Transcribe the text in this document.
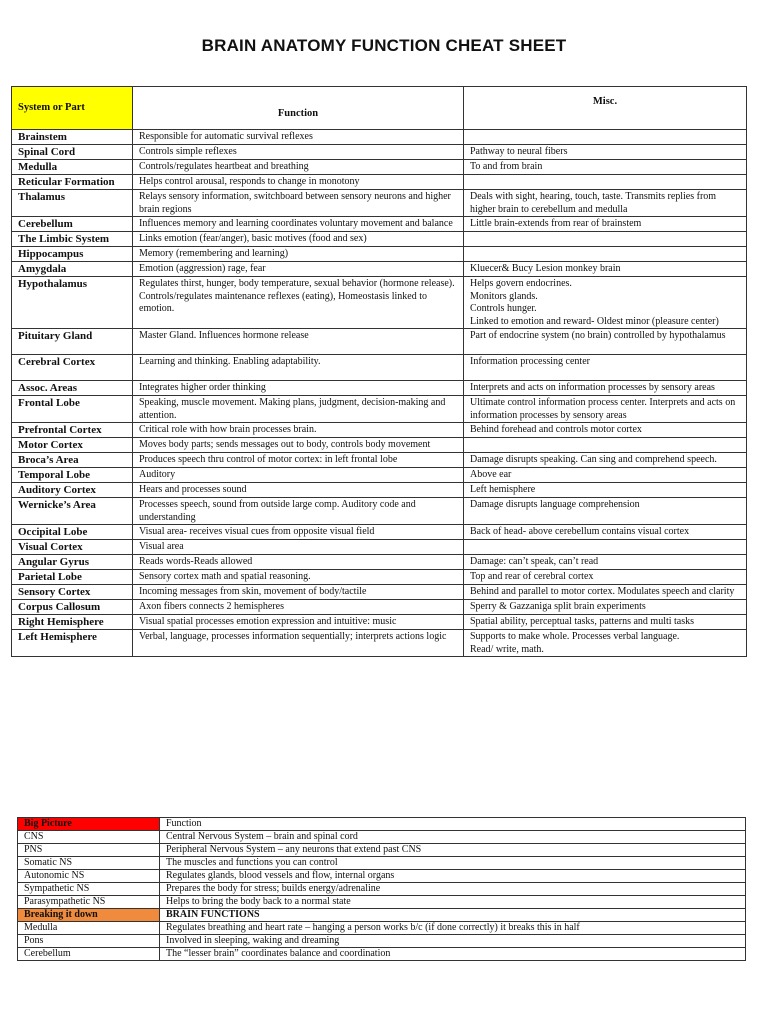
BRAIN ANATOMY FUNCTION CHEAT SHEET
System or Part	Function	Misc.
Brainstem	Responsible for automatic survival reflexes	
Spinal Cord	Controls simple reflexes	Pathway to neural fibers
Medulla	Controls/regulates heartbeat and breathing	To and from brain
Reticular Formation	Helps control arousal, responds to change in monotony	
Thalamus	Relays sensory information, switchboard between sensory neurons and higher brain regions	Deals with sight, hearing, touch, taste. Transmits replies from higher brain to cerebellum and medulla
Cerebellum	Influences memory and learning coordinates voluntary movement and balance	Little brain-extends from rear of brainstem
The Limbic System	Links emotion (fear/anger), basic motives (food and sex)	
Hippocampus	Memory (remembering and learning)	
Amygdala	Emotion (aggression) rage, fear	Kluecer& Bucy Lesion monkey brain
Hypothalamus	Regulates thirst, hunger, body temperature, sexual behavior (hormone release). Controls/regulates maintenance reflexes (eating), Homeostasis linked to emotion.	Helps govern endocrines.
Monitors glands.
Controls hunger.
Linked to emotion and reward- Oldest minor (pleasure center)
Pituitary Gland	Master Gland. Influences hormone release	Part of endocrine system (no brain) controlled by hypothalamus
Cerebral Cortex	Learning and thinking. Enabling adaptability.	Information processing center
Assoc. Areas	Integrates higher order thinking	Interprets and acts on information processes by sensory areas
Frontal Lobe	Speaking, muscle movement. Making plans, judgment, decision-making and attention.	Ultimate control information process center. Interprets and acts on information processes by sensory areas
Prefrontal Cortex	Critical role with how brain processes brain.	Behind forehead and controls motor cortex
Motor Cortex	Moves body parts; sends messages out to body, controls body movement	
Broca’s Area	Produces speech thru control of motor cortex: in left frontal lobe	Damage disrupts speaking. Can sing and comprehend speech.
Temporal Lobe	Auditory	Above ear
Auditory Cortex	Hears and processes sound	Left hemisphere
Wernicke’s Area	Processes speech, sound from outside large comp. Auditory code and understanding	Damage disrupts language comprehension
Occipital Lobe	Visual area- receives visual cues from opposite visual field	Back of head- above cerebellum contains visual cortex
Visual Cortex	Visual area	
Angular Gyrus	Reads words-Reads allowed	Damage: can’t speak, can’t read
Parietal Lobe	Sensory cortex math and spatial reasoning.	Top and rear of cerebral cortex
Sensory Cortex	Incoming messages from skin, movement of body/tactile	Behind and parallel to motor cortex. Modulates speech and clarity
Corpus Callosum	Axon fibers connects 2 hemispheres	Sperry & Gazzaniga split brain experiments
Right Hemisphere	Visual spatial processes emotion expression and intuitive: music	Spatial ability, perceptual tasks, patterns and multi tasks
Left Hemisphere	Verbal, language, processes information sequentially; interprets actions logic	Supports to make whole. Processes verbal language.
Read/ write, math.
Big Picture	Function
CNS	Central Nervous System – brain and spinal cord
PNS	Peripheral Nervous System – any neurons that extend past CNS
Somatic NS	The muscles and functions you can control
Autonomic NS	Regulates glands, blood vessels and flow, internal organs
Sympathetic NS	Prepares the body for stress; builds energy/adrenaline
Parasympathetic NS	Helps to bring the body back to a normal state
Breaking it down	BRAIN FUNCTIONS
Medulla	Regulates breathing and heart rate – hanging a person works b/c (if done correctly) it breaks this in half
Pons	Involved in sleeping, waking and dreaming
Cerebellum	The “lesser brain” coordinates balance and coordination
